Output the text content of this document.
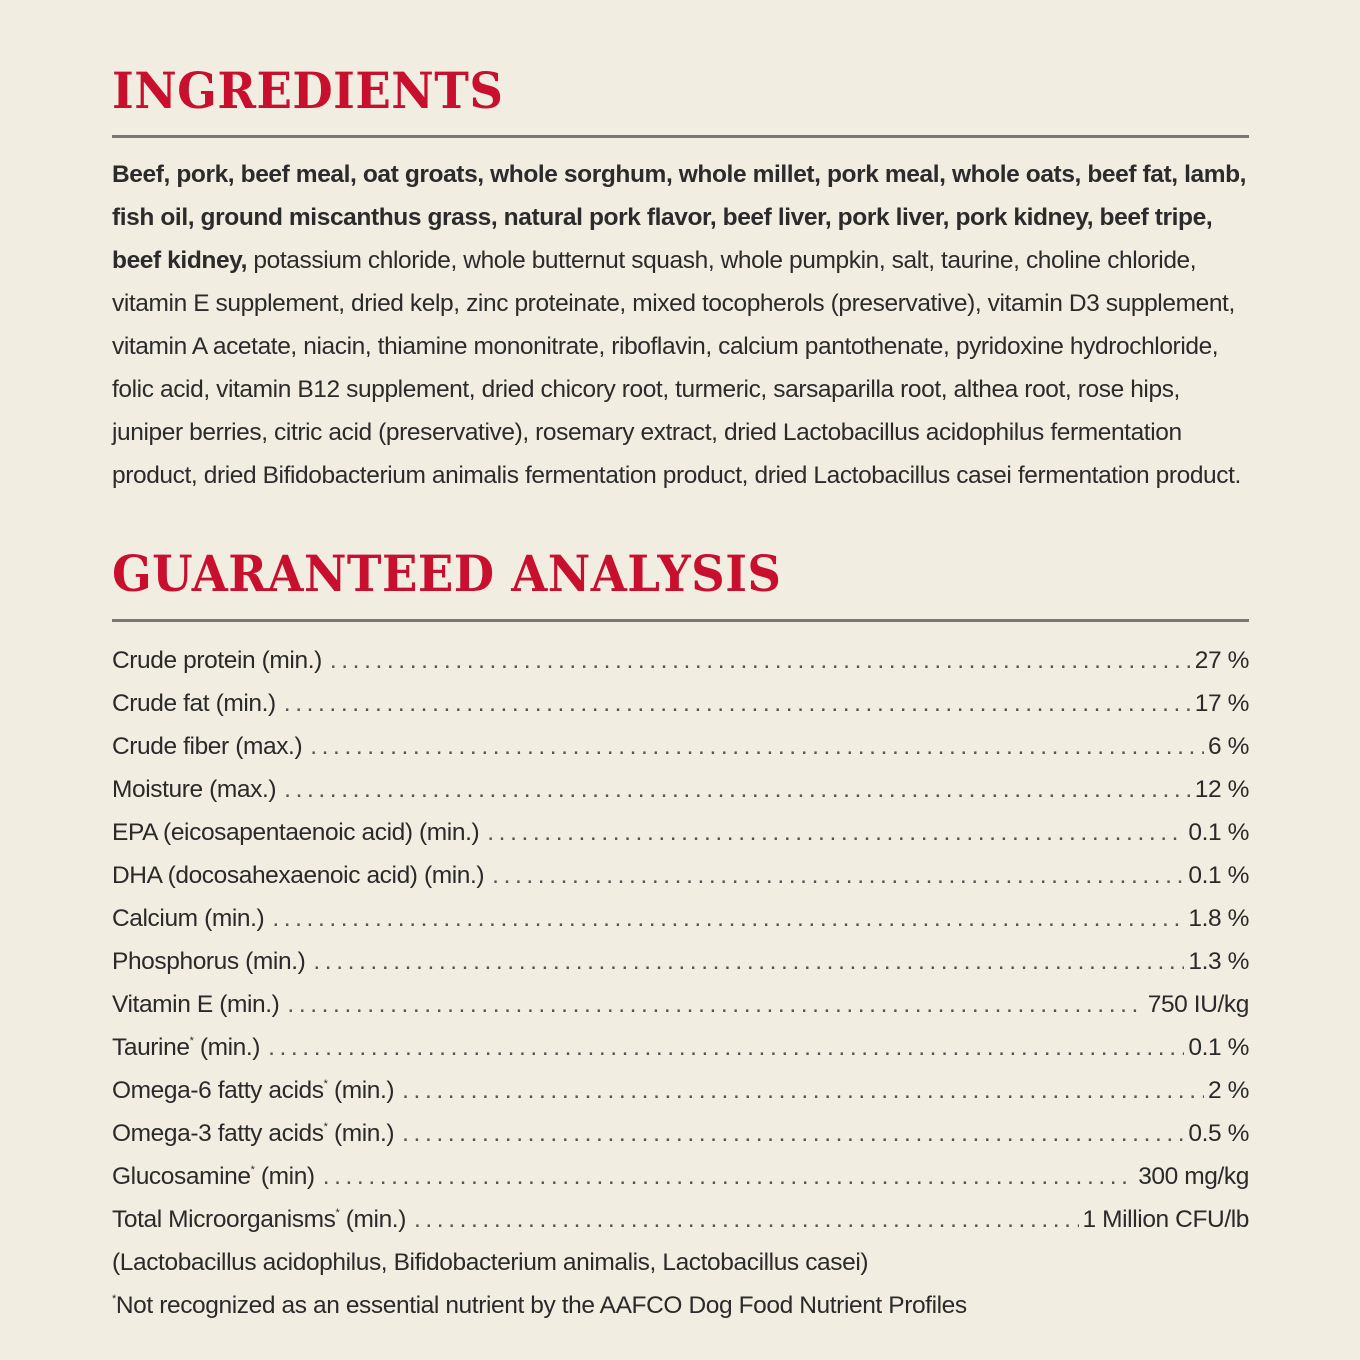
INGREDIENTS

Beef, pork, beef meal, oat groats, whole sorghum, whole millet, pork meal, whole oats, beef fat, lamb, fish oil, ground miscanthus grass, natural pork flavor, beef liver, pork liver, pork kidney, beef tripe, beef kidney, potassium chloride, whole butternut squash, whole pumpkin, salt, taurine, choline chloride, vitamin E supplement, dried kelp, zinc proteinate, mixed tocopherols (preservative), vitamin D3 supplement, vitamin A acetate, niacin, thiamine mononitrate, riboflavin, calcium pantothenate, pyridoxine hydrochloride, folic acid, vitamin B12 supplement, dried chicory root, turmeric, sarsaparilla root, althea root, rose hips, juniper berries, citric acid (preservative), rosemary extract, dried Lactobacillus acidophilus fermentation product, dried Bifidobacterium animalis fermentation product, dried Lactobacillus casei fermentation product.

GUARANTEED ANALYSIS
Crude protein (min.) .....	27 %
Crude fat (min.) .....	17 %
Crude fiber (max.) .....	6 %
Moisture (max.) .....	12 %
EPA (eicosapentaenoic acid) (min.) .....	0.1 %
DHA (docosahexaenoic acid) (min.) .....	0.1 %
Calcium (min.) .....	1.8 %
Phosphorus (min.) .....	1.3 %
Vitamin E (min.) .....	750 IU/kg
Taurine* (min.) .....	0.1 %
Omega-6 fatty acids* (min.) .....	2 %
Omega-3 fatty acids* (min.) .....	0.5 %
Glucosamine* (min) .....	300 mg/kg
Total Microorganisms* (min.) .....	1 Million CFU/lb
(Lactobacillus acidophilus, Bifidobacterium animalis, Lactobacillus casei)
*Not recognized as an essential nutrient by the AAFCO Dog Food Nutrient Profiles
